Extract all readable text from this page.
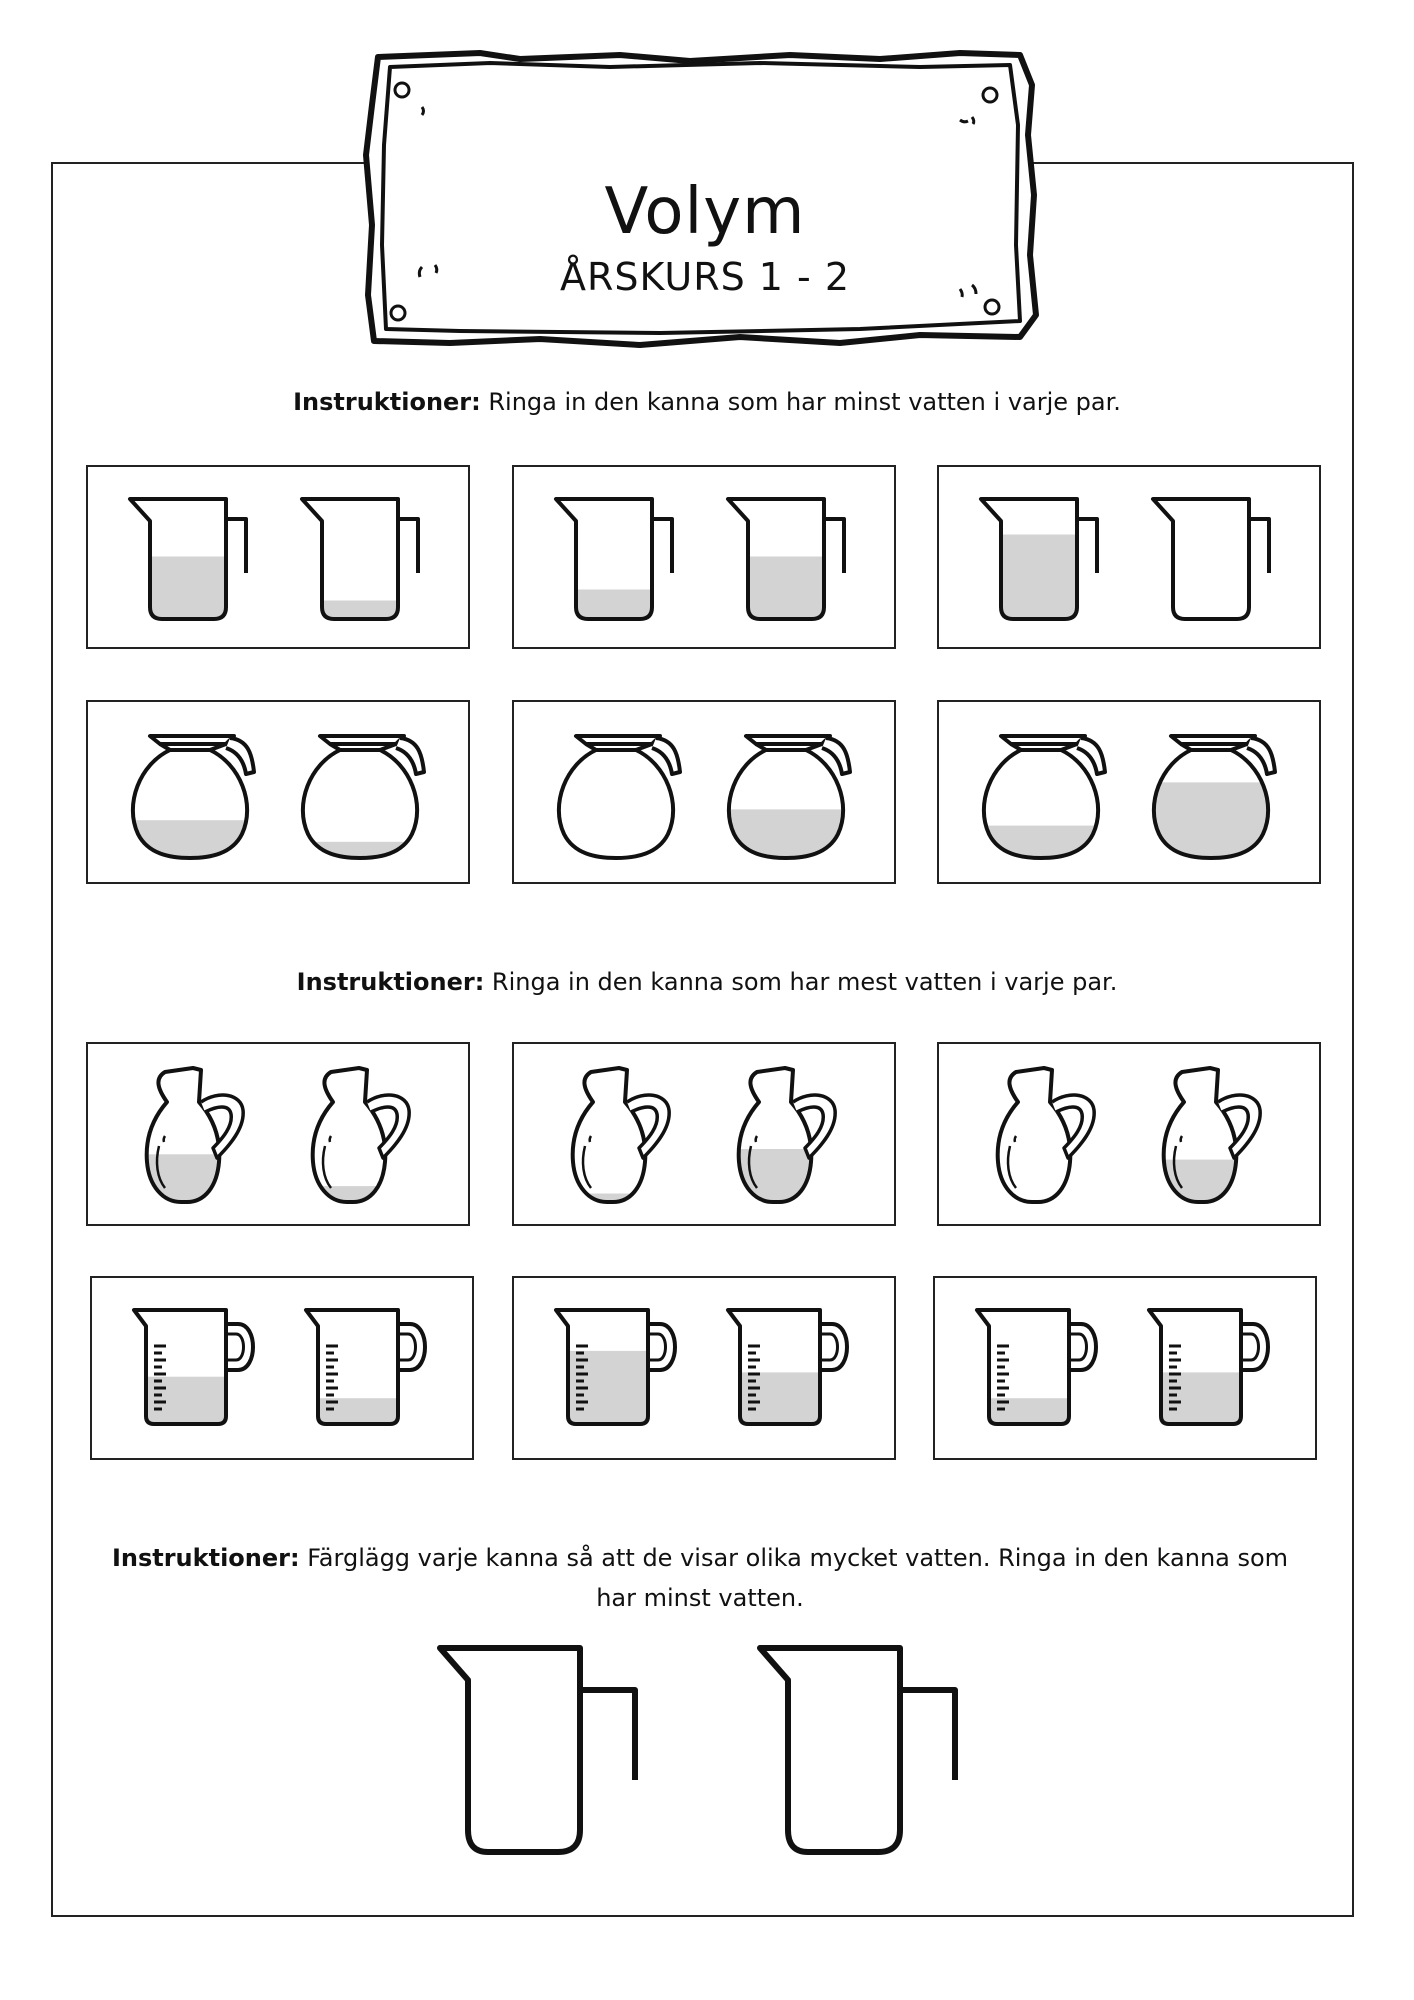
Volym
ÅRSKURS 1 - 2
Instruktioner: Ringa in den kanna som har minst vatten i varje par.
Instruktioner: Ringa in den kanna som har mest vatten i varje par.
Instruktioner: Färglägg varje kanna så att de visar olika mycket vatten. Ringa in den kanna som har minst vatten.
